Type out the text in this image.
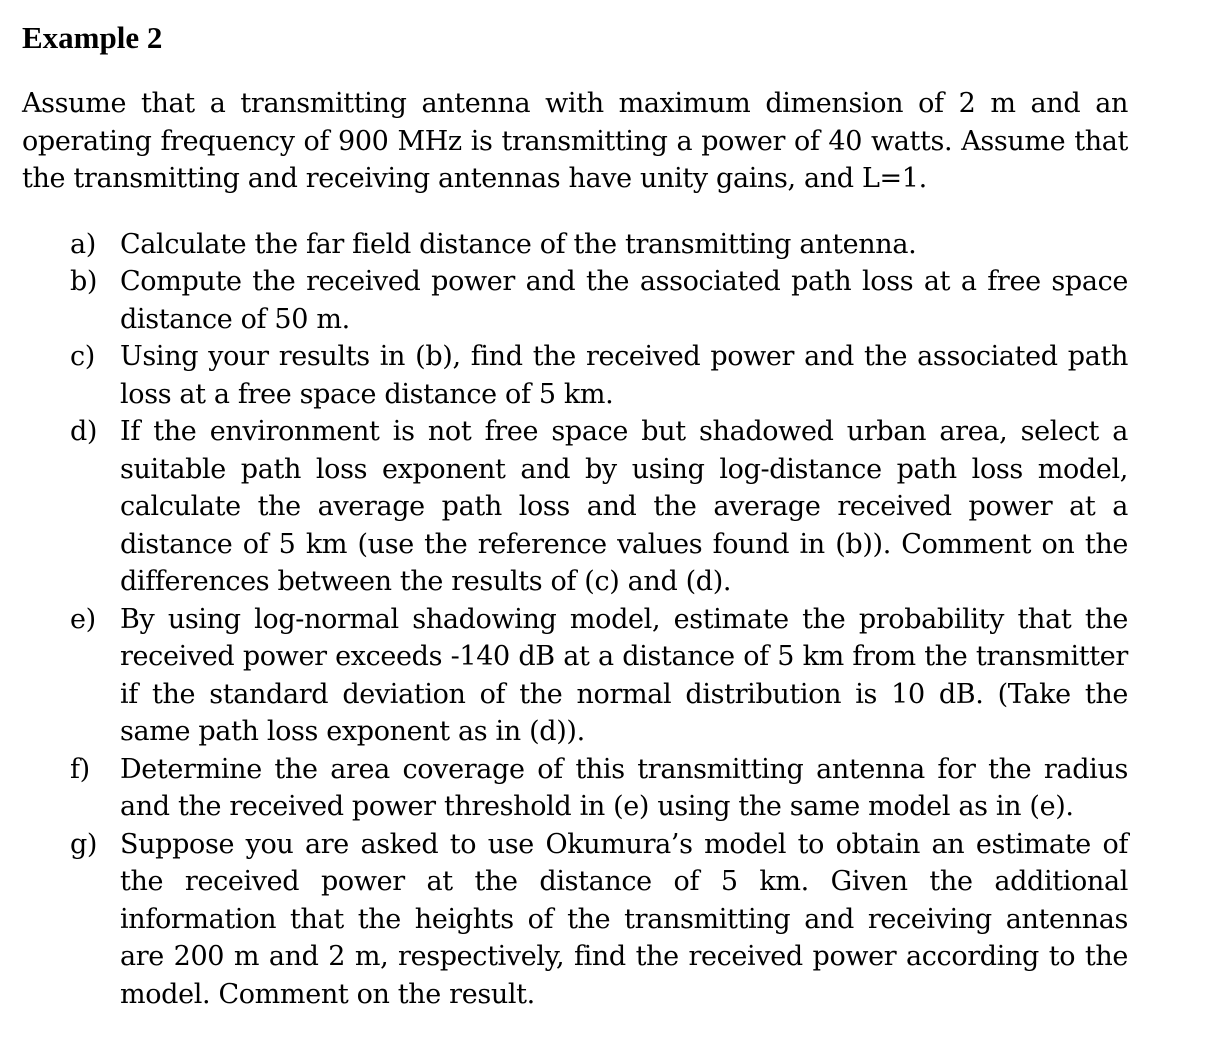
Example 2

Assume that a transmitting antenna with maximum dimension of 2 m and an operating frequency of 900 MHz is transmitting a power of 40 watts. Assume that the transmitting and receiving antennas have unity gains, and L=1.

a) Calculate the far field distance of the transmitting antenna.
b) Compute the received power and the associated path loss at a free space distance of 50 m.
c) Using your results in (b), find the received power and the associated path loss at a free space distance of 5 km.
d) If the environment is not free space but shadowed urban area, select a suitable path loss exponent and by using log-distance path loss model, calculate the average path loss and the average received power at a distance of 5 km (use the reference values found in (b)). Comment on the differences between the results of (c) and (d).
e) By using log-normal shadowing model, estimate the probability that the received power exceeds -140 dB at a distance of 5 km from the transmitter if the standard deviation of the normal distribution is 10 dB. (Take the same path loss exponent as in (d)).
f)	Determine the area coverage of this transmitting antenna for the radius and the received power threshold in (e) using the same model as in (e).
g) Suppose you are asked to use Okumura’s model to obtain an estimate of the received power at the distance of 5 km. Given the additional information that the heights of the transmitting and receiving antennas are 200 m and 2 m, respectively, find the received power according to the model. Comment on the result.
